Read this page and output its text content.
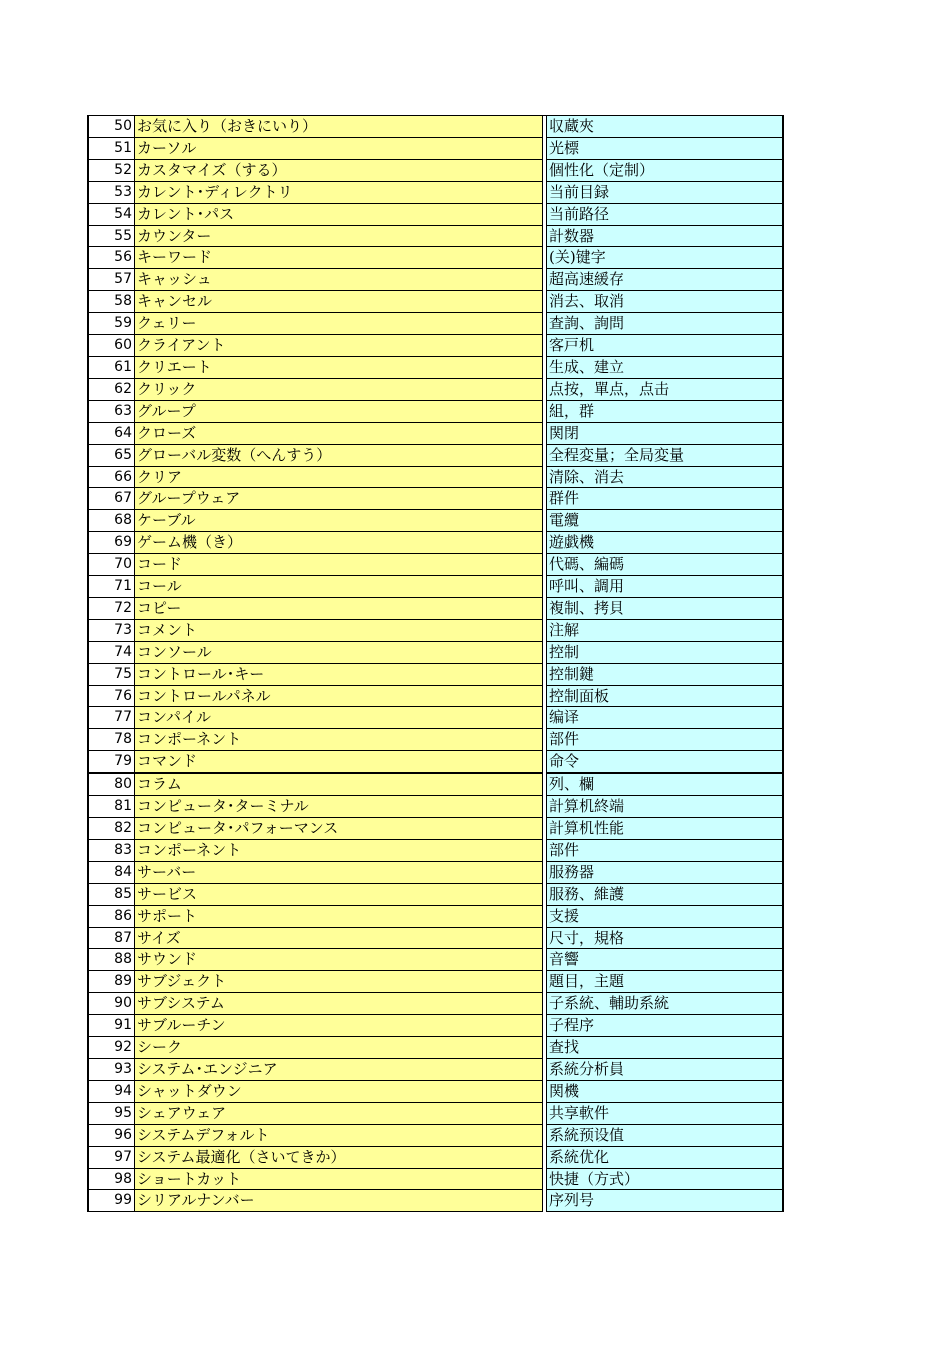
50	お気に入り（おきにいり）		収蔵夾
51	カーソル		光標
52	カスタマイズ（する）		個性化（定制）
53	カレント･ディレクトリ		当前目録
54	カレント･パス		当前路径
55	カウンター		計数器
56	キーワード		(关)键字
57	キャッシュ		超高速緩存
58	キャンセル		消去、取消
59	クェリー		查詢、詢問
60	クライアント		客戸机
61	クリエート		生成、建立
62	クリック		点按，單点，点击
63	グループ		組，群
64	クローズ		関閉
65	グローバル変数（へんすう）		全程変量；全局変量
66	クリア		清除、消去
67	グループウェア		群件
68	ケーブル		電纜
69	ゲーム機（き）		遊戯機
70	コード		代碼、編碼
71	コール		呼叫、調用
72	コピー		複制、拷貝
73	コメント		注解
74	コンソール		控制
75	コントロール･キー		控制鍵
76	コントロールパネル		控制面板
77	コンパイル		编译
78	コンポーネント		部件
79	コマンド		命令
80	コラム		列、欄
81	コンピュータ･ターミナル		計算机終端
82	コンピュータ･パフォーマンス		計算机性能
83	コンポーネント		部件
84	サーバー		服務器
85	サービス		服務、維護
86	サポート		支援
87	サイズ		尺寸，規格
88	サウンド		音響
89	サブジェクト		題目，主題
90	サブシステム		子系統、輔助系統
91	サブルーチン		子程序
92	シーク		查找
93	システム･エンジニア		系統分析員
94	シャットダウン		関機
95	シェアウェア		共享軟件
96	システムデフォルト		系統预设值
97	システム最適化（さいてきか）		系統优化
98	ショートカット		快捷（方式）
99	シリアルナンバー		序列号
